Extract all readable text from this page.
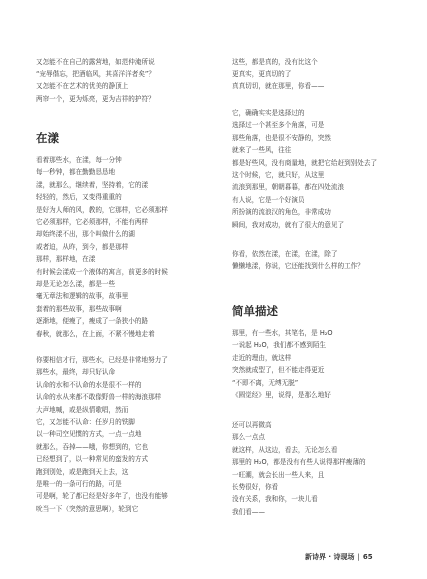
又怎能不在自己的露营地，如范仲淹所说
“宠辱偕忘，把酒临风，其喜洋洋者矣”？
又怎能不在艺术的优美的静顶上
两帘一个，更为烁亮，更为吉祥的护符？
在漾
看着那些水，在漾，每一分钟
每一秒钟，都在勤勤恳恳地
漾，就那么，继续着，坚持着，它的漾
轻轻的，然后，又变得重重的
是好为人师的风，教的，它那样，它必须那样
它必须那样，它必须那样，不能有两样
却始终漾不出，那个叫做什么的湖
或者迫，从昨，到今，都是那样
那样，那样地，在漾
有时候会漾成一个液体的寓言，前更多的时候
却是无论怎么漾，都是一些
毫无章法和逻辑的故事，故事里
套着的那些故事，那些故事啊
逐渐地，便瘦了，瘦成了一条狭小的路
春秋，就那么，在上面，不紧不慢地走着
你要相信才行，那些水，已经是非常地努力了
那些水，最终，却只好认命
认命的水和不认命的水是很不一样的
认命的水从来都不敢像野兽一样的海浪那样
大声地喊，或是纵情歌唱，然而
它，又怎能不认命：任岁月的铁脚
以一种司空见惯的方式，一点一点地
就那么，吞掉——哦，你想到的，它也
已经想到了，以一种常见的蛮发的方式
跑到别处，或是跑到天上去，这
是唯一的一条可行的路，可是
可是啊，轮了都已经是好多年了，也没有能够
吮当一下（突然的意思啊），轮到它
这些，都是真的，没有比这个
更真实，更真切的了
真真切切，就在那里，你看——
它，确确实实是选择过的
选择过一个甚至多个角落，可是
那些角落，也是很不安静的，突然
就来了一些风，往往
都是好些风，没有商量地，就把它给赶到别处去了
这个时候，它，就只好，从这里
流浪到那里，朝朝暮暮，都在四处流浪
有人说，它是一个好演员
所扮演的流浪汉的角色，非常成功
瞬间，我对成功，就有了很大的意见了
你看，依然在漾，在漾，在漾，除了
懒懒地漾，你说，它还能找到什么样的工作？
简单描述
那里，有一些水，其笔名，是 H₂O
一说起 H₂O，我们都不感到陌生
走近的理由，就这样
突然就成型了，但不能走得更近
“不即不离，无缚无脱”
《圆觉经》里，说得，是那么地好
还可以再微高
那么一点点
就这样，从这边，看去，无论怎么看
那里的 H₂O，都是没有有些人说得那样瘦薄的
一旺潮，就会长出一些人来，且
长势很好，你看
没有关系，我和你，一块儿看
我们看——
新诗界 · 诗现场 | 65
